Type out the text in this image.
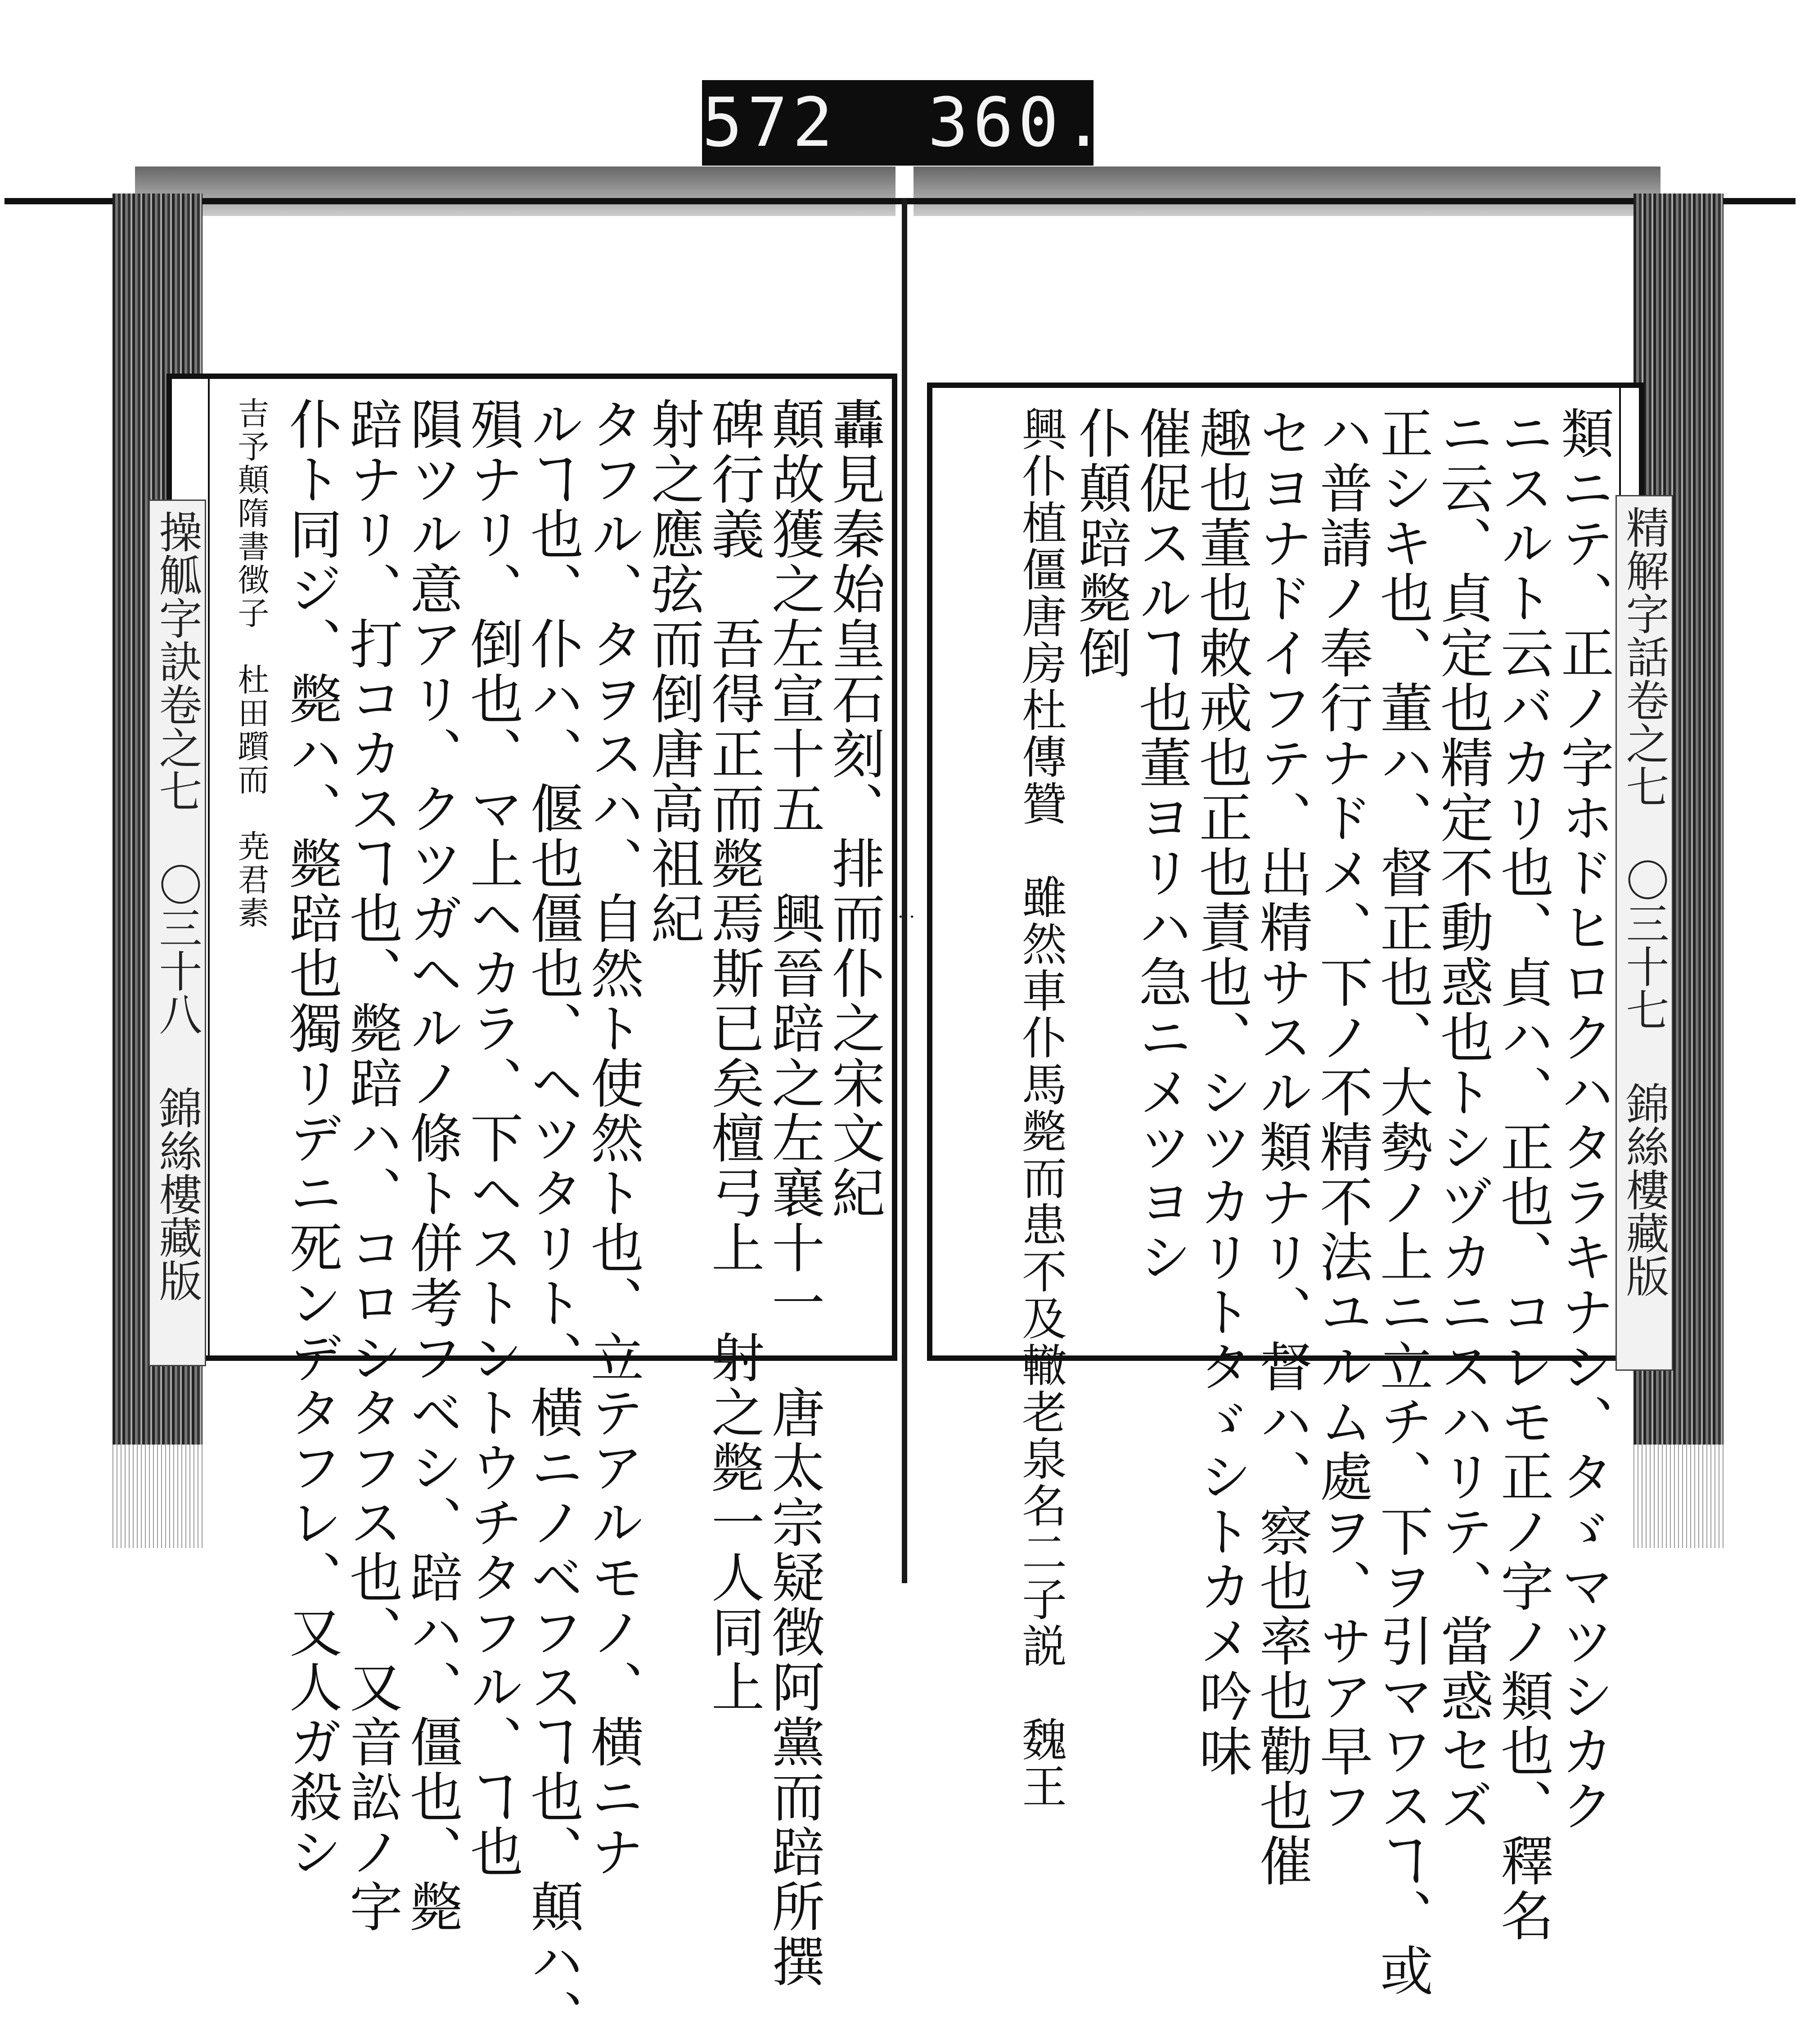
572  360.
轟見秦始皇石刻、排而仆之宋文紀
顛故獲之左宣十五　興晉踣之左襄十一　唐太宗疑徴阿黨而踣所撰
碑行義　吾得正而斃焉斯已矣檀弓上　射之斃一人同上
射之應弦而倒唐高祖紀
タフル、タヲスハ、自然ト使然ト也、立テアルモノ、横ニナ
ルヿ也、仆ハ、偃也僵也、ヘツタリト、横ニノベフスヿ也、顛ハ、
殞ナリ、倒也、マ上ヘカラ、下ヘストントウチタフル、ヿ也
隕ツル意アリ、クツガヘルノ條ト併考フベシ、踣ハ、僵也、斃
踣ナリ、打コカスヿ也、斃踣ハ、コロシタフス也、又音訟ノ字
仆ト同ジ、斃ハ、斃踣也獨リデニ死ンデタフレ、又人ガ殺シ
吉予顛隋書徴子　杜田躓而　尭君素
操觚字訣卷之七 〇三十八 錦絲樓藏版	類ニテ、正ノ字ホドヒロクハタラキナシ、タゞマツシカク
ニスルト云バカリ也、貞ハ、正也、コレモ正ノ字ノ類也、釋名
ニ云、貞定也精定不動惑也トシヅカニスハリテ、當惑セズ
正シキ也、董ハ、督正也、大勢ノ上ニ立チ、下ヲ引マワスヿ、或
ハ普請ノ奉行ナドメ、下ノ不精不法ユルム處ヲ、サア早フ
セヨナドイフテ、出精サスル類ナリ、督ハ、察也率也勸也催
趣也董也敕戒也正也責也、シツカリトタゞシトカメ吟味
催促スルヿ也董ヨリハ急ニメツヨシ
仆顛踣斃倒
興仆植僵唐房杜傳贊　雖然車仆馬斃而患不及轍老泉名二子説　魏王	精解字話卷之七 〇三十七 錦絲樓藏版
· ·
